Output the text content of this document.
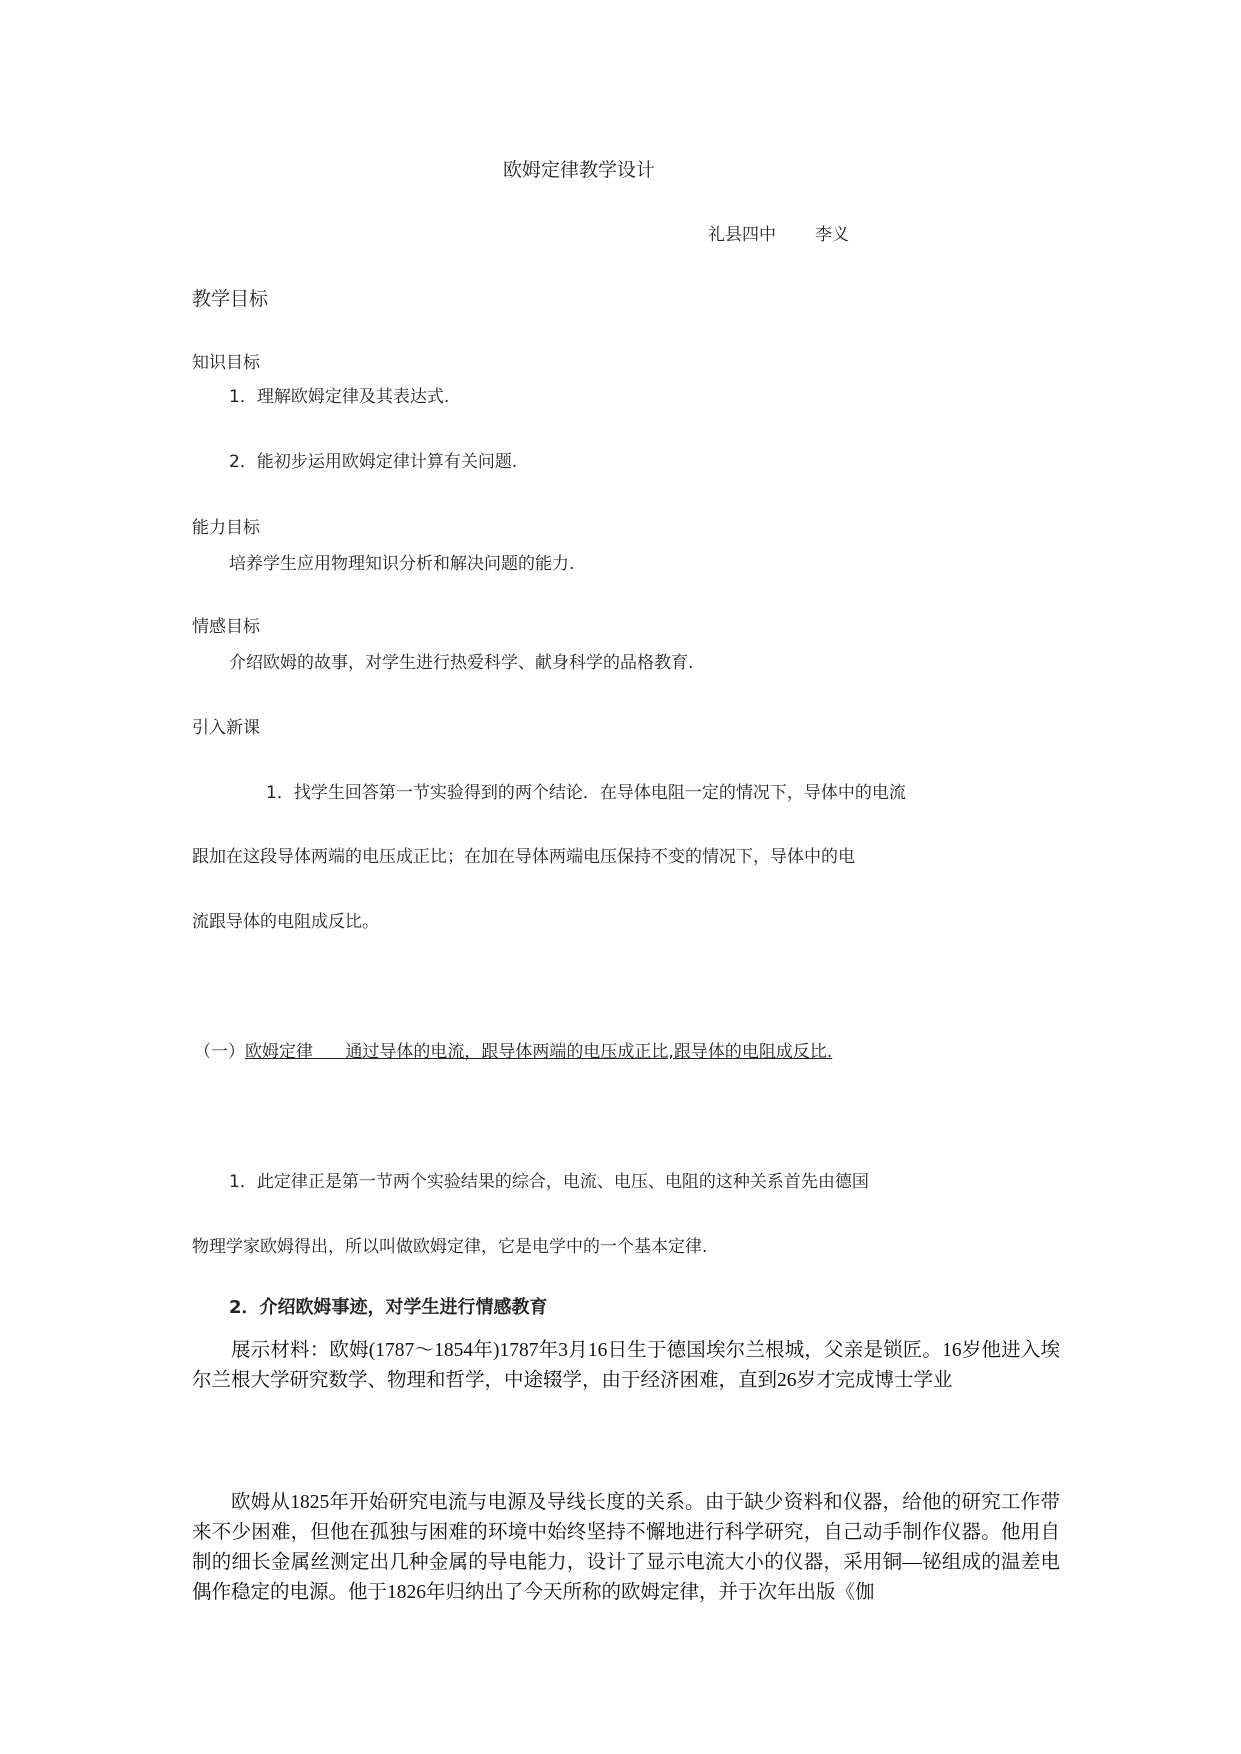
欧姆定律教学设计
礼县四中 李义
教学目标
知识目标
1．理解欧姆定律及其表达式.
2．能初步运用欧姆定律计算有关问题.
能力目标
培养学生应用物理知识分析和解决问题的能力.
情感目标
介绍欧姆的故事，对学生进行热爱科学、献身科学的品格教育.
引入新课
1．找学生回答第一节实验得到的两个结论．在导体电阻一定的情况下，导体中的电流
跟加在这段导体两端的电压成正比；在加在导体两端电压保持不变的情况下，导体中的电
流跟导体的电阻成反比。
（一）欧姆定律 通过导体的电流，跟导体两端的电压成正比,跟导体的电阻成反比.
1．此定律正是第一节两个实验结果的综合，电流、电压、电阻的这种关系首先由德国
物理学家欧姆得出，所以叫做欧姆定律，它是电学中的一个基本定律.
2．介绍欧姆事迹，对学生进行情感教育
展示材料：欧姆(1787～1854年)1787年3月16日生于德国埃尔兰根城，父亲是锁匠。16岁他进入埃尔兰根大学研究数学、物理和哲学，中途辍学，由于经济困难，直到26岁才完成博士学业
欧姆从1825年开始研究电流与电源及导线长度的关系。由于缺少资料和仪器，给他的研究工作带来不少困难，但他在孤独与困难的环境中始终坚持不懈地进行科学研究，自己动手制作仪器。他用自制的细长金属丝测定出几种金属的导电能力，设计了显示电流大小的仪器，采用铜—铋组成的温差电偶作稳定的电源。他于1826年归纳出了今天所称的欧姆定律，并于次年出版《伽
